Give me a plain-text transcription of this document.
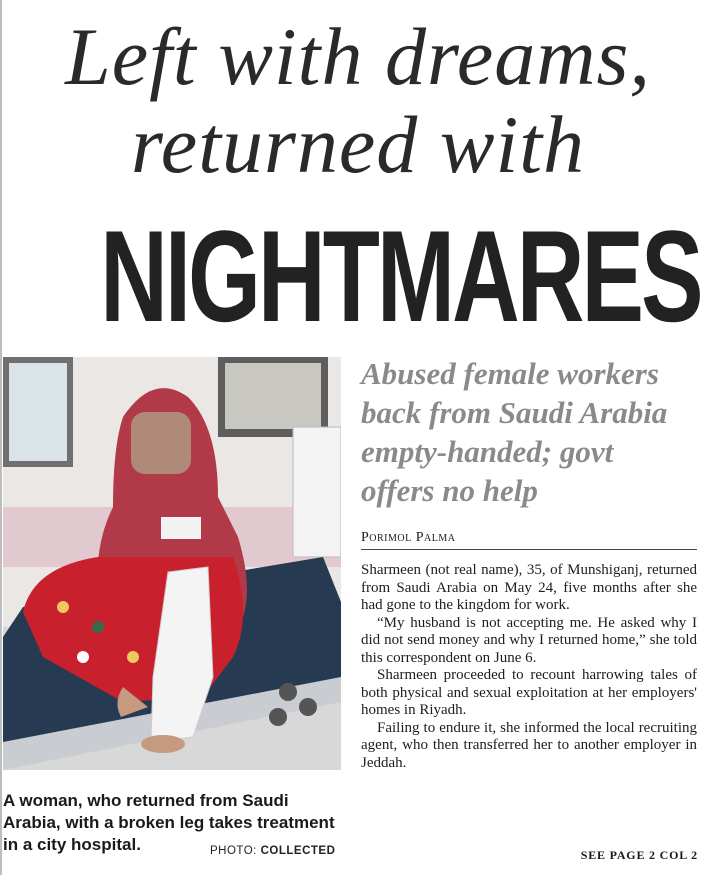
Left with dreams,
returned with
NIGHTMARES
A woman, who returned from Saudi Arabia, with a broken leg takes treatment in a city hospital.	PHOTO: COLLECTED
Abused female workers
back from Saudi Arabia
empty-handed; govt
offers no help
Porimol Palma

Sharmeen (not real name), 35, of Munshiganj, returned from Saudi Arabia on May 24, five months after she had gone to the kingdom for work.

“My husband is not accepting me. He asked why I did not send money and why I returned home,” she told this correspondent on June 6.

Sharmeen proceeded to recount harrowing tales of both physical and sexual exploitation at her employers' homes in Riyadh.

Failing to endure it, she informed the local recruiting agent, who then transferred her to another employer in Jeddah.

SEE PAGE 2 COL 2
